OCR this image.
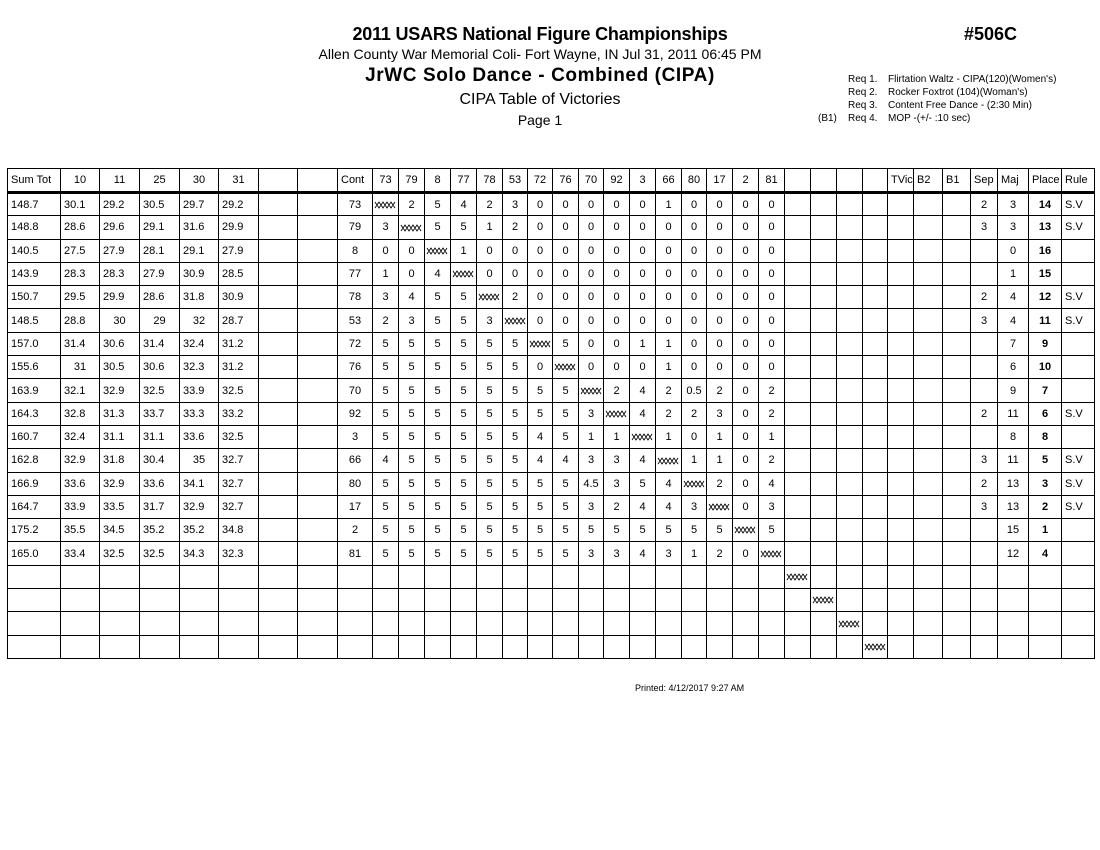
2011 USARS National Figure Championships
Allen County War Memorial Coli- Fort Wayne, IN Jul 31, 2011 06:45 PM
JrWC Solo Dance - Combined (CIPA)
CIPA Table of Victories
Page 1
#506C
Req 1. Flirtation Waltz - CIPA(120)(Women's)
Req 2. Rocker Foxtrot (104)(Woman's)
Req 3. Content Free Dance - (2:30 Min)
(B1) Req 4. MOP -(+/- :10 sec)
Sum Tot	10	11	25	30	31			Cont	73	79	8	77	78	53	72	76	70	92	3	66	80	17	2	81					TVic	B2	B1	Sep	Maj	Place	Rule
148.7	30.1	29.2	30.5	29.7	29.2			73		2	5	4	2	3	0	0	0	0	0	1	0	0	0	0								2	3	14	S.V
148.8	28.6	29.6	29.1	31.6	29.9			79	3		5	5	1	2	0	0	0	0	0	0	0	0	0	0								3	3	13	S.V
140.5	27.5	27.9	28.1	29.1	27.9			8	0	0		1	0	0	0	0	0	0	0	0	0	0	0	0									0	16	
143.9	28.3	28.3	27.9	30.9	28.5			77	1	0	4		0	0	0	0	0	0	0	0	0	0	0	0									1	15	
150.7	29.5	29.9	28.6	31.8	30.9			78	3	4	5	5		2	0	0	0	0	0	0	0	0	0	0								2	4	12	S.V
148.5	28.8	30	29	32	28.7			53	2	3	5	5	3		0	0	0	0	0	0	0	0	0	0								3	4	11	S.V
157.0	31.4	30.6	31.4	32.4	31.2			72	5	5	5	5	5	5		5	0	0	1	1	0	0	0	0									7	9	
155.6	31	30.5	30.6	32.3	31.2			76	5	5	5	5	5	5	0		0	0	0	1	0	0	0	0									6	10	
163.9	32.1	32.9	32.5	33.9	32.5			70	5	5	5	5	5	5	5	5		2	4	2	0.5	2	0	2									9	7	
164.3	32.8	31.3	33.7	33.3	33.2			92	5	5	5	5	5	5	5	5	3		4	2	2	3	0	2								2	11	6	S.V
160.7	32.4	31.1	31.1	33.6	32.5			3	5	5	5	5	5	5	4	5	1	1		1	0	1	0	1									8	8	
162.8	32.9	31.8	30.4	35	32.7			66	4	5	5	5	5	5	4	4	3	3	4		1	1	0	2								3	11	5	S.V
166.9	33.6	32.9	33.6	34.1	32.7			80	5	5	5	5	5	5	5	5	4.5	3	5	4		2	0	4								2	13	3	S.V
164.7	33.9	33.5	31.7	32.9	32.7			17	5	5	5	5	5	5	5	5	3	2	4	4	3		0	3								3	13	2	S.V
175.2	35.5	34.5	35.2	35.2	34.8			2	5	5	5	5	5	5	5	5	5	5	5	5	5	5		5									15	1	
165.0	33.4	32.5	32.5	34.3	32.3			81	5	5	5	5	5	5	5	5	3	3	4	3	1	2	0										12	4	

Printed: 4/12/2017 9:27 AM
